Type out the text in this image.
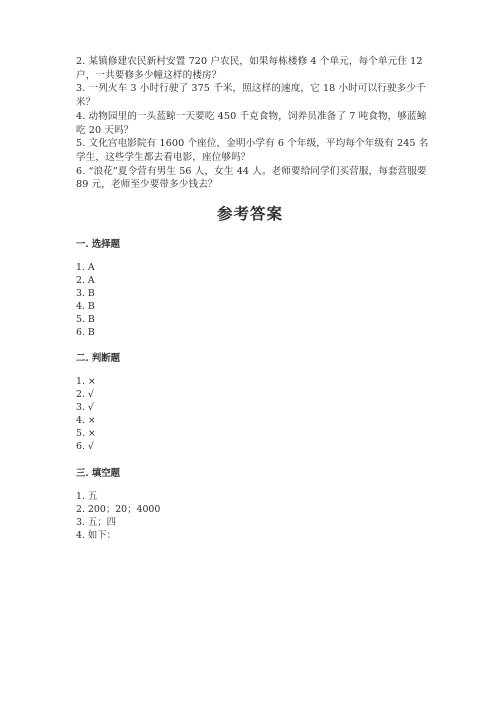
2. 某镇修建农民新村安置 720 户农民，如果每栋楼修 4 个单元，每个单元住 12 户，一共要修多少幢这样的楼房？

3. 一列火车 3 小时行驶了 375 千米，照这样的速度，它 18 小时可以行驶多少千米？

4. 动物园里的一头蓝鲸一天要吃 450 千克食物，饲养员准备了 7 吨食物，够蓝鲸吃 20 天吗？

5. 文化宫电影院有 1600 个座位，金明小学有 6 个年级，平均每个年级有 245 名学生，这些学生都去看电影，座位够吗？

6. “浪花”夏令营有男生 56 人，女生 44 人。老师要给同学们买营服，每套营服要 89 元，老师至少要带多少钱去？

参考答案
一. 选择题
1. A
2. A
3. B
4. B
5. B
6. B
二. 判断题
1. ×
2. √
3. √
4. ×
5. ×
6. √
三. 填空题
1. 五
2. 200；20；4000
3. 五；四
4. 如下：
